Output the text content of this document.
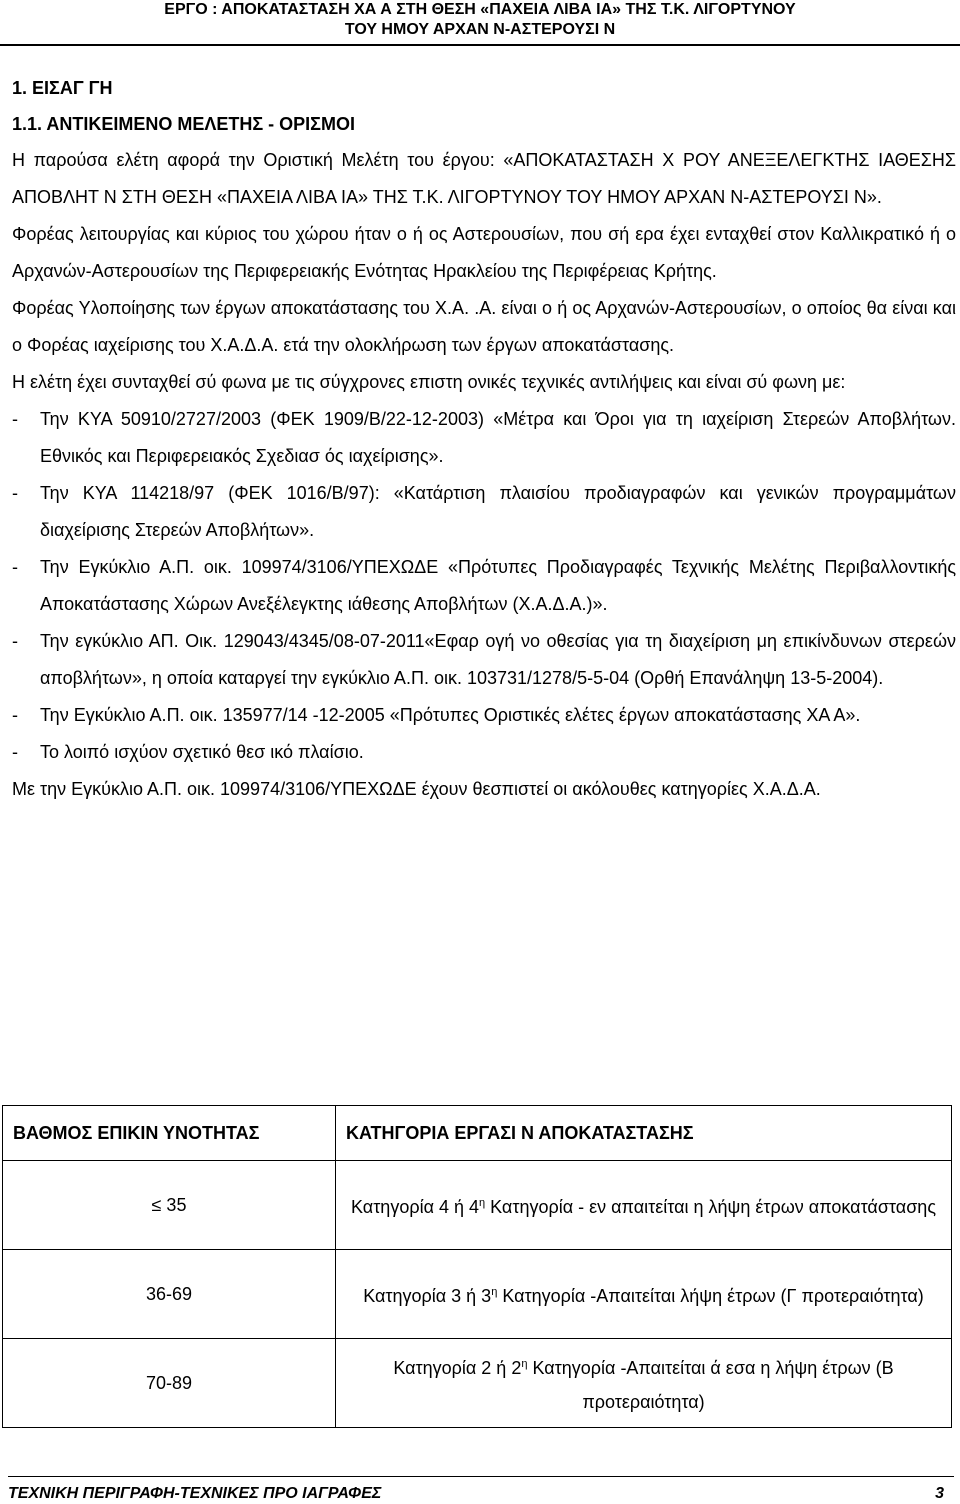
ΕΡΓΟ : ΑΠΟΚΑΤΑΣΤΑΣΗ ΧΑ Α ΣΤΗ ΘΕΣΗ «ΠΑΧΕΙΑ ΛΙΒΑ ΙΑ» ΤΗΣ Τ.Κ. ΛΙΓΟΡΤΥΝΟΥ
ΤΟΥ ΗΜΟΥ ΑΡΧΑΝ Ν-ΑΣΤΕΡΟΥΣΙ Ν

1. ΕΙΣΑΓ ΓΗ

1.1. ΑΝΤΙΚΕΙΜΕΝΟ ΜΕΛΕΤΗΣ - ΟΡΙΣΜΟΙ

Η παρούσα ελέτη αφορά την Οριστική Μελέτη του έργου: «ΑΠΟΚΑΤΑΣΤΑΣΗ Χ ΡΟΥ ΑΝΕΞΕΛΕΓΚΤΗΣ ΙΑΘΕΣΗΣ ΑΠΟΒΛΗΤ Ν ΣΤΗ ΘΕΣΗ «ΠΑΧΕΙΑ ΛΙΒΑ ΙΑ» ΤΗΣ Τ.Κ. ΛΙΓΟΡΤΥΝΟΥ ΤΟΥ ΗΜΟΥ ΑΡΧΑΝ Ν-ΑΣΤΕΡΟΥΣΙ Ν».

Φορέας λειτουργίας και κύριος του χώρου ήταν ο ή ος Αστερουσίων, που σή ερα έχει ενταχθεί στον Καλλικρατικό ή ο Αρχανών-Αστερουσίων της Περιφερειακής Ενότητας Ηρακλείου της Περιφέρειας Κρήτης.

Φορέας Υλοποίησης των έργων αποκατάστασης του Χ.Α. .Α. είναι ο ή ος Αρχανών-Αστερουσίων, ο οποίος θα είναι και ο Φορέας ιαχείρισης του Χ.Α.Δ.Α. ετά την ολοκλήρωση των έργων αποκατάστασης.

Η ελέτη έχει συνταχθεί σύ φωνα με τις σύγχρονες επιστη ονικές τεχνικές αντιλήψεις και είναι σύ φωνη με:

- Την ΚΥΑ 50910/2727/2003 (ΦΕΚ 1909/Β/22-12-2003) «Μέτρα και Όροι για τη ιαχείριση Στερεών Αποβλήτων. Εθνικός και Περιφερειακός Σχεδιασ ός ιαχείρισης».
- Την ΚΥΑ 114218/97 (ΦΕΚ 1016/Β/97): «Κατάρτιση πλαισίου προδιαγραφών και γενικών προγραμμάτων διαχείρισης Στερεών Αποβλήτων».
- Την Εγκύκλιο Α.Π. οικ. 109974/3106/ΥΠΕΧΩΔΕ «Πρότυπες Προδιαγραφές Τεχνικής Μελέτης Περιβαλλοντικής Αποκατάστασης Χώρων Ανεξέλεγκτης ιάθεσης Αποβλήτων (Χ.Α.Δ.Α.)».
- Την εγκύκλιο ΑΠ. Οικ. 129043/4345/08-07-2011«Εφαρ ογή νο οθεσίας για τη διαχείριση μη επικίνδυνων στερεών αποβλήτων», η οποία καταργεί την εγκύκλιο Α.Π. οικ. 103731/1278/5-5-04 (Ορθή Επανάληψη 13-5-2004).
- Την Εγκύκλιο Α.Π. οικ. 135977/14 -12-2005 «Πρότυπες Οριστικές ελέτες έργων αποκατάστασης ΧΑ Α».
- Το λοιπό ισχύον σχετικό θεσ ικό πλαίσιο.

Με την Εγκύκλιο Α.Π. οικ. 109974/3106/ΥΠΕΧΩΔΕ έχουν θεσπιστεί οι ακόλουθες κατηγορίες Χ.Α.Δ.Α.

ΒΑΘΜΟΣ ΕΠΙΚΙΝ ΥΝΟΤΗΤΑΣ	ΚΑΤΗΓΟΡΙΑ ΕΡΓΑΣΙ Ν ΑΠΟΚΑΤΑΣΤΑΣΗΣ
≤ 35	Κατηγορία 4 ή $4^\eta$ Κατηγορία - εν απαιτείται η λήψη έτρων αποκατάστασης
36-69	Κατηγορία 3 ή $3^\eta$ Κατηγορία -Απαιτείται λήψη έτρων (Γ προτεραιότητα)
70-89	Κατηγορία 2 ή $2^\eta$ Κατηγορία -Απαιτείται ά εσα η λήψη έτρων (Β προτεραιότητα)
ΤΕΧΝΙΚΗ ΠΕΡΙΓΡΑΦΗ-ΤΕΧΝΙΚΕΣ ΠΡΟ ΙΑΓΡΑΦΕΣ	3
